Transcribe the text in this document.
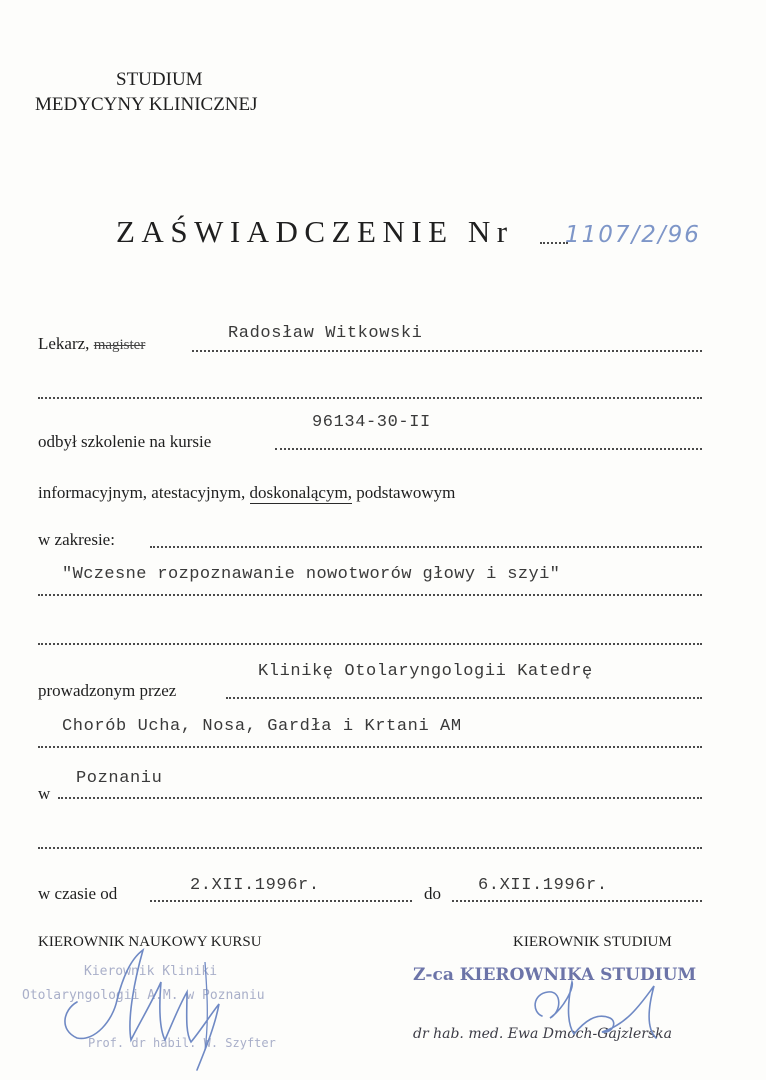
STUDIUM
MEDYCYNY KLINICZNEJ
ZAŚWIADCZENIE Nr 1107/2/96
Lekarz, magister
Radosław Witkowski
96134-30-II
odbył szkolenie na kursie
informacyjnym, atestacyjnym, doskonalącym, podstawowym
w zakresie:
"Wczesne rozpoznawanie nowotworów głowy i szyi"
Klinikę Otolaryngologii Katedrę
prowadzonym przez
Chorób Ucha, Nosa, Gardła i Krtani AM
Poznaniu
w
w czasie od	2.XII.1996r.	do 6.XII.1996r.
KIEROWNIK NAUKOWY KURSU
Kierownik Kliniki
Otolaryngologii A.M. w Poznaniu
Prof. dr habil. W. Szyfter
KIEROWNIK STUDIUM
Z-ca KIEROWNIKA STUDIUM
dr hab. med. Ewa Dmoch-Gajzlerska
